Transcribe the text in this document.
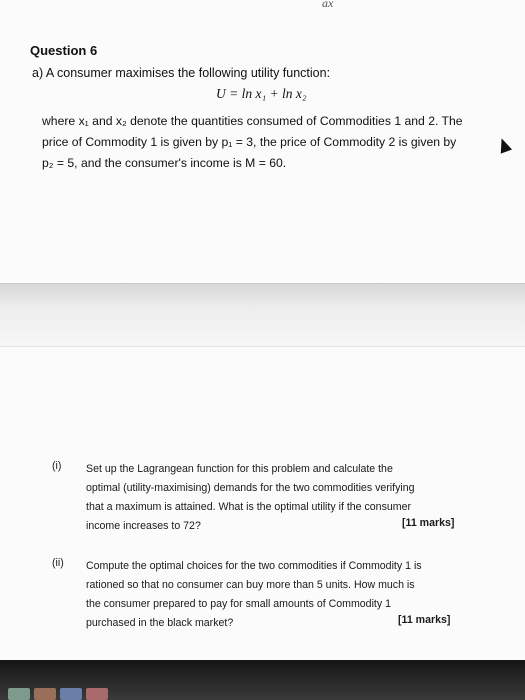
ax
Question 6
a) A consumer maximises the following utility function:
U = ln x₁ + ln x₂
where x₁ and x₂ denote the quantities consumed of Commodities 1 and 2. The
price of Commodity 1 is given by p₁ = 3, the price of Commodity 2 is given by
p₂ = 5, and the consumer's income is M = 60.
(i) Set up the Lagrangean function for this problem and calculate the
optimal (utility-maximising) demands for the two commodities verifying
that a maximum is attained. What is the optimal utility if the consumer
income increases to 72?	[11 marks]
(ii) Compute the optimal choices for the two commodities if Commodity 1 is
rationed so that no consumer can buy more than 5 units. How much is
the consumer prepared to pay for small amounts of Commodity 1
purchased in the black market?	[11 marks]
